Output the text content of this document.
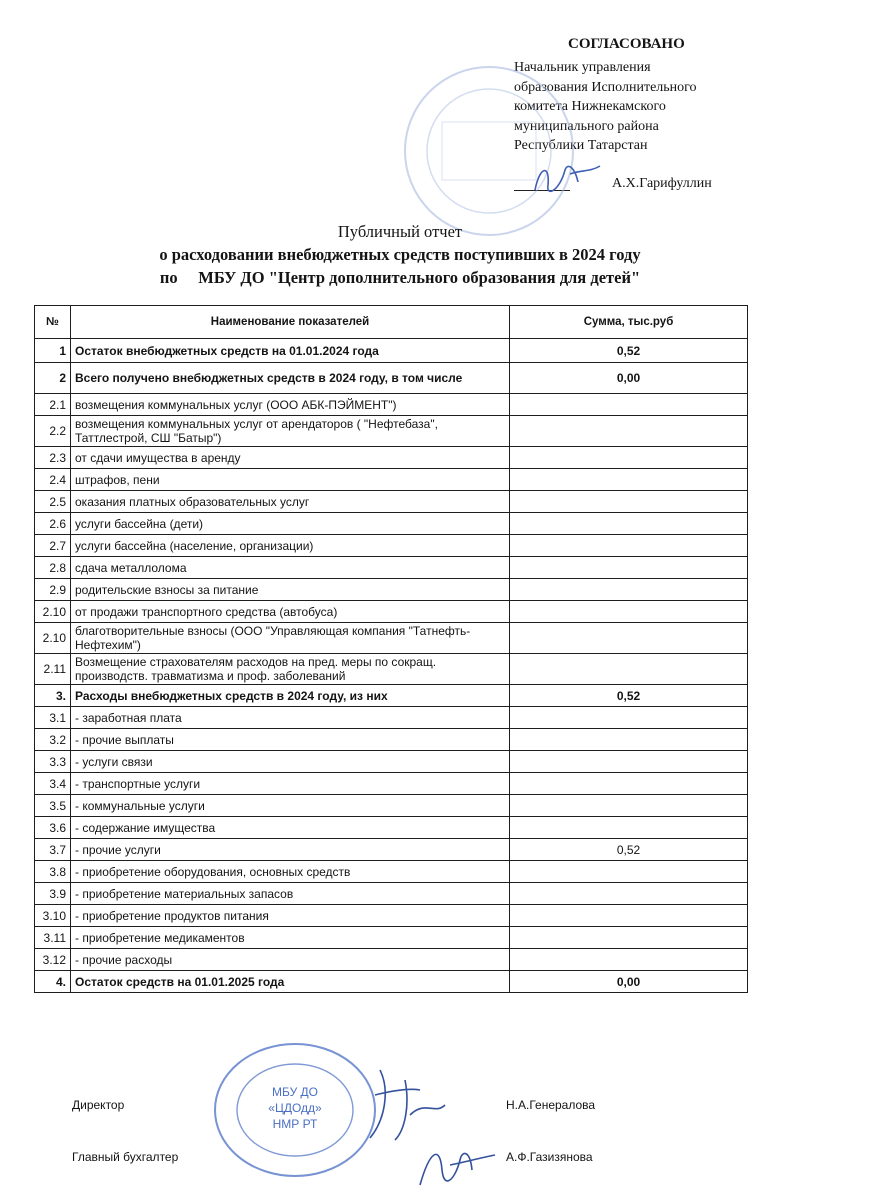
СОГЛАСОВАНО
Начальник управления
образования Исполнительного
комитета Нижнекамского
муниципального района
Республики Татарстан
А.Х.Гарифуллин
Публичный отчет
о расходовании внебюджетных средств поступивших в 2024 году
по МБУ ДО "Центр дополнительного образования для детей"
№	Наименование показателей	Сумма, тыс.руб
1	Остаток внебюджетных средств на 01.01.2024 года	0,52
2	Всего получено внебюджетных средств в 2024 году, в том числе	0,00
2.1	возмещения коммунальных услуг (ООО АБК-ПЭЙМЕНТ")	
2.2	возмещения коммунальных услуг от арендаторов ( "Нефтебаза", Таттлестрой, СШ "Батыр")	
2.3	от сдачи имущества в аренду	
2.4	штрафов, пени	
2.5	оказания платных образовательных услуг	
2.6	услуги бассейна (дети)	
2.7	услуги бассейна (население, организации)	
2.8	сдача металлолома	
2.9	родительские взносы за питание	
2.10	от продажи транспортного средства (автобуса)	
2.10	благотворительные взносы (ООО "Управляющая компания "Татнефть-Нефтехим")	
2.11	Возмещение страхователям расходов на пред. меры по сокращ. производств. травматизма и проф. заболеваний	
3.	Расходы внебюджетных средств в 2024 году, из них	0,52
3.1	- заработная плата	
3.2	- прочие выплаты	
3.3	- услуги связи	
3.4	- транспортные услуги	
3.5	- коммунальные услуги	
3.6	- содержание имущества	
3.7	- прочие услуги	0,52
3.8	- приобретение оборудования, основных средств	
3.9	- приобретение материальных запасов	
3.10	- приобретение продуктов питания	
3.11	- приобретение медикаментов	
3.12	- прочие расходы	
4.	Остаток средств на 01.01.2025 года	0,00
Директор	Н.А.Генералова
Главный бухгалтер	А.Ф.Газизянова
МБУ ДО
«ЦДОдд»
НМР РТ
